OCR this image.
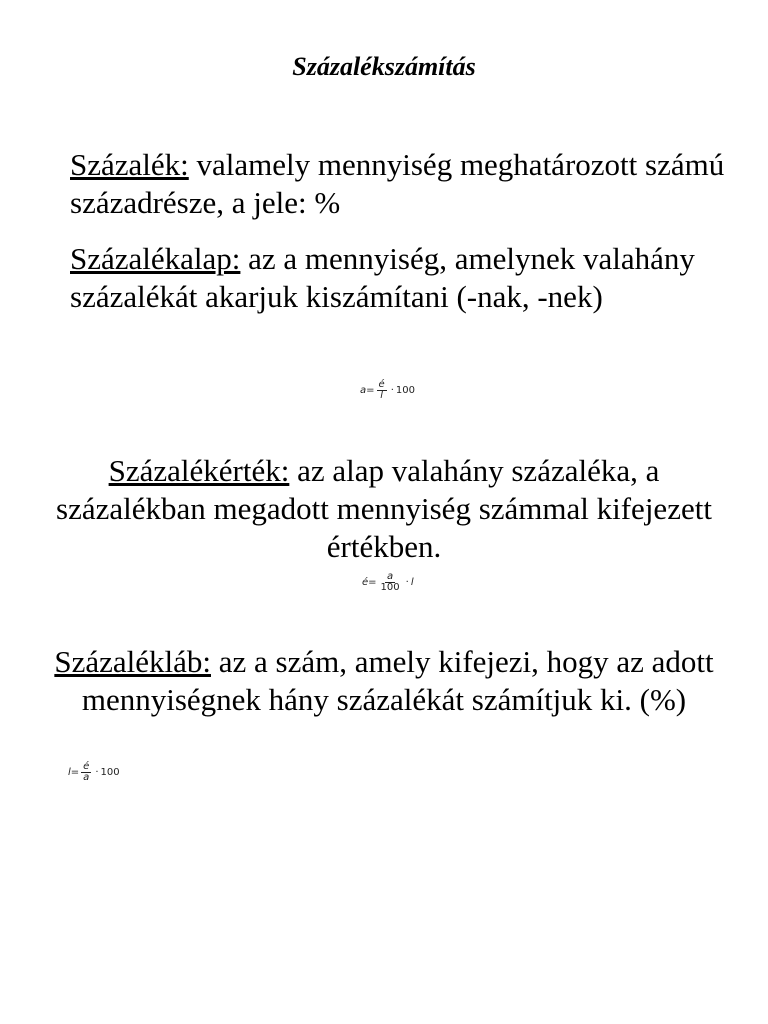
Százalékszámítás
Százalék: valamely mennyiség meghatározott számú századrésze, a jele: %
Százalékalap: az a mennyiség, amelynek valahány százalékát akarjuk kiszámítani (-nak, -nek)
$a = \frac{é}{l} \cdot 100$
Százalékérték: az alap valahány százaléka, a százalékban megadott mennyiség számmal kifejezett értékben.
é = $\frac{a}{100} \cdot l$
Százalékláb: az a szám, amely kifejezi, hogy az adott mennyiségnek hány százalékát számítjuk ki. (%)
$l = \frac{é}{a} \cdot 100$
